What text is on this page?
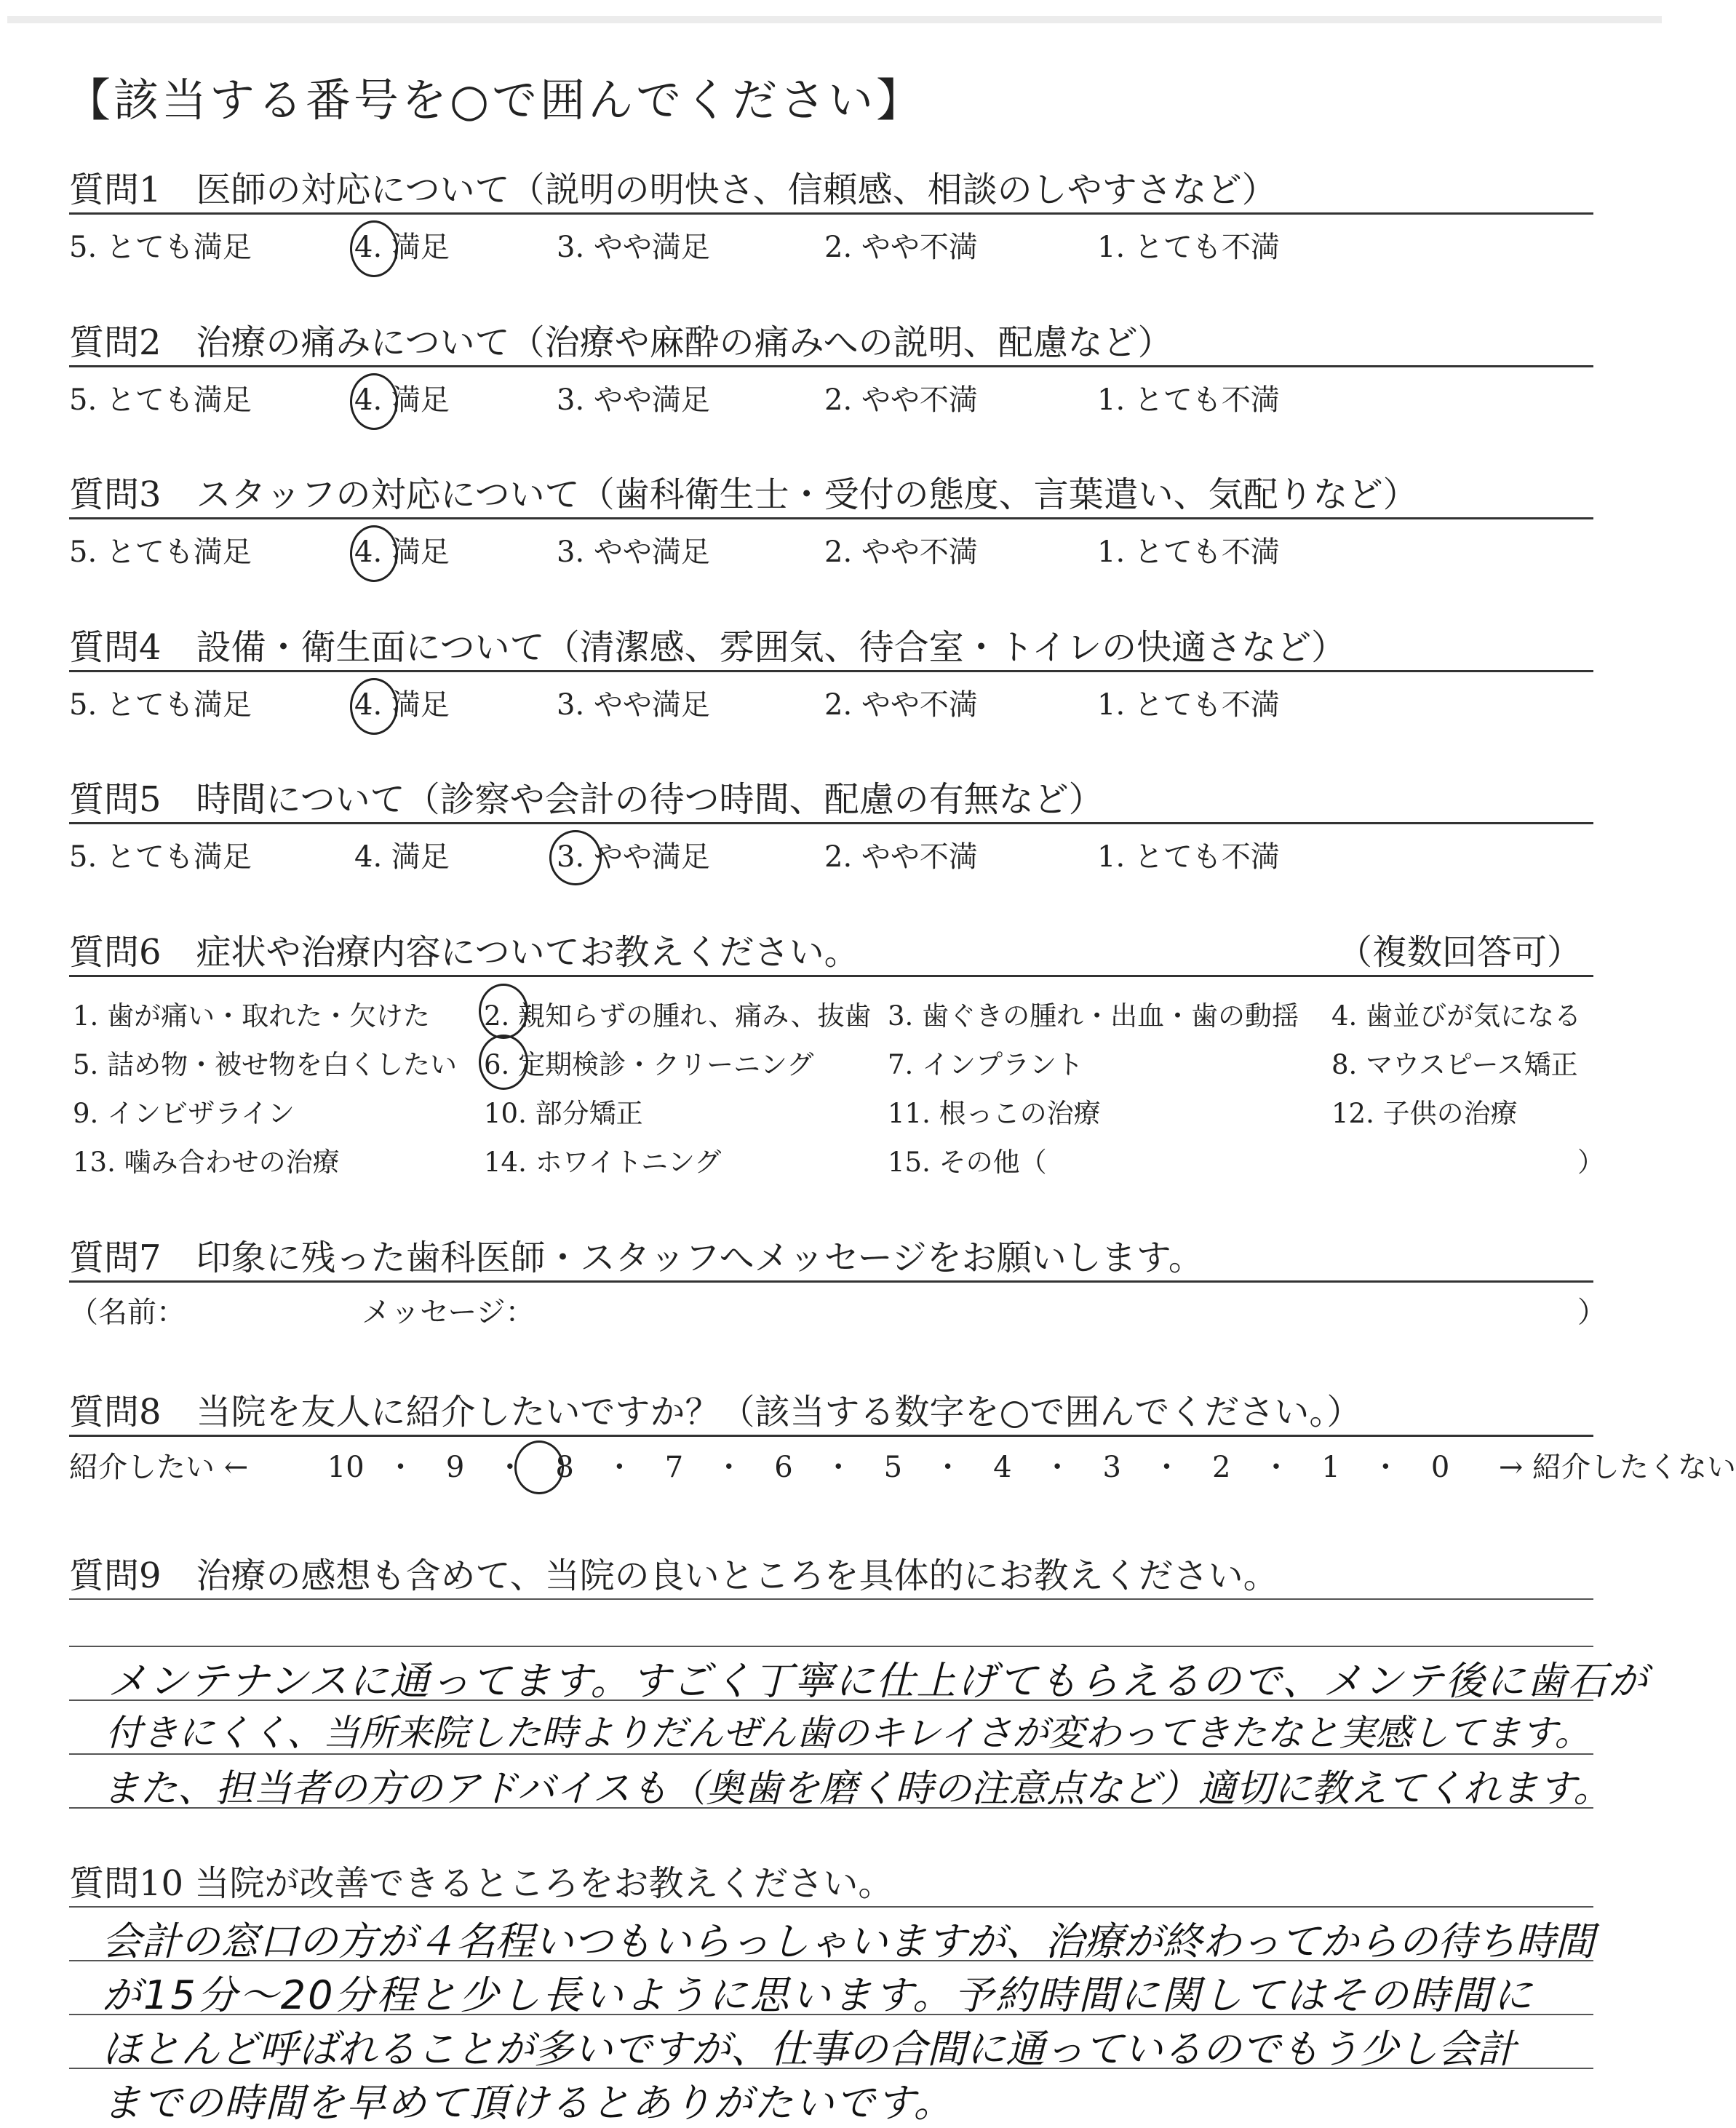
【該当する番号を○で囲んでください】
質問1　医師の対応について（説明の明快さ、信頼感、相談のしやすさなど）
5. とても満足	4. 満足	3. やや満足	2. やや不満	1. とても不満
質問2　治療の痛みについて（治療や麻酔の痛みへの説明、配慮など）
5. とても満足	4. 満足	3. やや満足	2. やや不満	1. とても不満
質問3　スタッフの対応について（歯科衛生士・受付の態度、言葉遣い、気配りなど）
5. とても満足	4. 満足	3. やや満足	2. やや不満	1. とても不満
質問4　設備・衛生面について（清潔感、雰囲気、待合室・トイレの快適さなど）
5. とても満足	4. 満足	3. やや満足	2. やや不満	1. とても不満
質問5　時間について（診察や会計の待つ時間、配慮の有無など）
5. とても満足	4. 満足	3. やや満足	2. やや不満	1. とても不満
質問6　症状や治療内容についてお教えください。	（複数回答可）
1. 歯が痛い・取れた・欠けた 2. 親知らずの腫れ、痛み、抜歯 3. 歯ぐきの腫れ・出血・歯の動揺 4. 歯並びが気になる
5. 詰め物・被せ物を白くしたい 6. 定期検診・クリーニング	7. インプラント	8. マウスピース矯正
9. インビザライン	10. 部分矯正	11. 根っこの治療	12. 子供の治療
13. 噛み合わせの治療	14. ホワイトニング	15. その他（	）
質問7　印象に残った歯科医師・スタッフへメッセージをお願いします。
（名前：	メッセージ：	）
質問8　当院を友人に紹介したいですか？（該当する数字を○で囲んでください。）
紹介したい ←	10 ・ 9 ・ 8 ・ 7 ・ 6 ・ 5 ・ 4 ・ 3 ・ 2 ・ 1 ・ 0 → 紹介したくない
質問9　治療の感想も含めて、当院の良いところを具体的にお教えください。
メンテナンスに通ってます。すごく丁寧に仕上げてもらえるので、メンテ後に歯石が
付きにくく、当所来院した時よりだんぜん歯のキレイさが変わってきたなと実感してます。
また、担当者の方のアドバイスも（奥歯を磨く時の注意点など）適切に教えてくれます。
質問10 当院が改善できるところをお教えください。
会計の窓口の方が４名程いつもいらっしゃいますが、治療が終わってからの待ち時間
が15分～20分程と少し長いように思います。予約時間に関してはその時間に
ほとんど呼ばれることが多いですが、仕事の合間に通っているのでもう少し会計
までの時間を早めて頂けるとありがたいです。
